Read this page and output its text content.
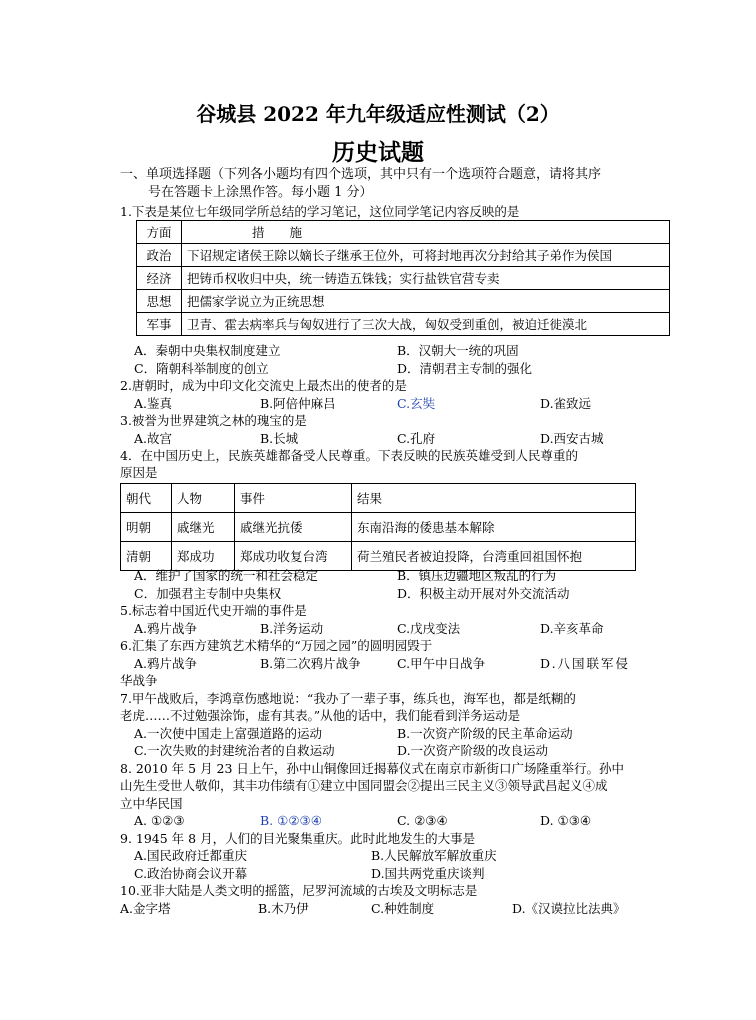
谷城县 2022 年九年级适应性测试（2）
历史试题
一、单项选择题（下列各小题均有四个选项，其中只有一个选项符合题意，请将其序
号在答题卡上涂黑作答。每小题 1 分）
1.下表是某位七年级同学所总结的学习笔记，这位同学笔记内容反映的是
方面	措　　施
政治	下诏规定诸侯王除以嫡长子继承王位外，可将封地再次分封给其子弟作为侯国
经济	把铸币权收归中央，统一铸造五铢钱；实行盐铁官营专卖
思想	把儒家学说立为正统思想
军事	卫青、霍去病率兵与匈奴进行了三次大战，匈奴受到重创，被迫迁徙漠北
A．秦朝中央集权制度建立	B．汉朝大一统的巩固
C．隋朝科举制度的创立	D．清朝君主专制的强化
2.唐朝时，成为中印文化交流史上最杰出的使者的是
A.鉴真	B.阿倍仲麻吕	C.玄奘	D.雀致远
3.被誉为世界建筑之林的瑰宝的是
A.故宫	B.长城	C.孔府	D.西安古城
4．在中国历史上，民族英雄都备受人民尊重。下表反映的民族英雄受到人民尊重的
原因是
朝代	人物	事件	结果
明朝	戚继光	戚继光抗倭	东南沿海的倭患基本解除
清朝	郑成功	郑成功收复台湾	荷兰殖民者被迫投降，台湾重回祖国怀抱
A．维护了国家的统一和社会稳定	B．镇压边疆地区叛乱的行为
C．加强君主专制中央集权	D．积极主动开展对外交流活动
5.标志着中国近代史开端的事件是
A.鸦片战争	B.洋务运动	C.戊戌变法	D.辛亥革命
6.汇集了东西方建筑艺术精华的“万园之园”的圆明园毁于
A.鸦片战争	B.第二次鸦片战争	C.甲午中日战争	D.八国联军侵
华战争
7.甲午战败后，李鸿章伤感地说：“我办了一辈子事，练兵也，海军也，都是纸糊的
老虎……不过勉强涂饰，虚有其表。”从他的话中，我们能看到洋务运动是
A.一次使中国走上富强道路的运动	B.一次资产阶级的民主革命运动
C.一次失败的封建统治者的自救运动	D.一次资产阶级的改良运动
8. 2010 年 5 月 23 日上午，孙中山铜像回迁揭幕仪式在南京市新街口广场隆重举行。孙中
山先生受世人敬仰，其丰功伟绩有①建立中国同盟会②提出三民主义③领导武昌起义④成
立中华民国
A. ①②③	B. ①②③④	C. ②③④	D. ①③④
9. 1945 年 8 月，人们的目光聚集重庆。此时此地发生的大事是
A.国民政府迁都重庆	B.人民解放军解放重庆
C.政治协商会议开幕	D.国共两党重庆谈判
10.亚非大陆是人类文明的摇篮，尼罗河流域的古埃及文明标志是
A.金字塔	B.木乃伊	C.种姓制度	D.《汉谟拉比法典》
